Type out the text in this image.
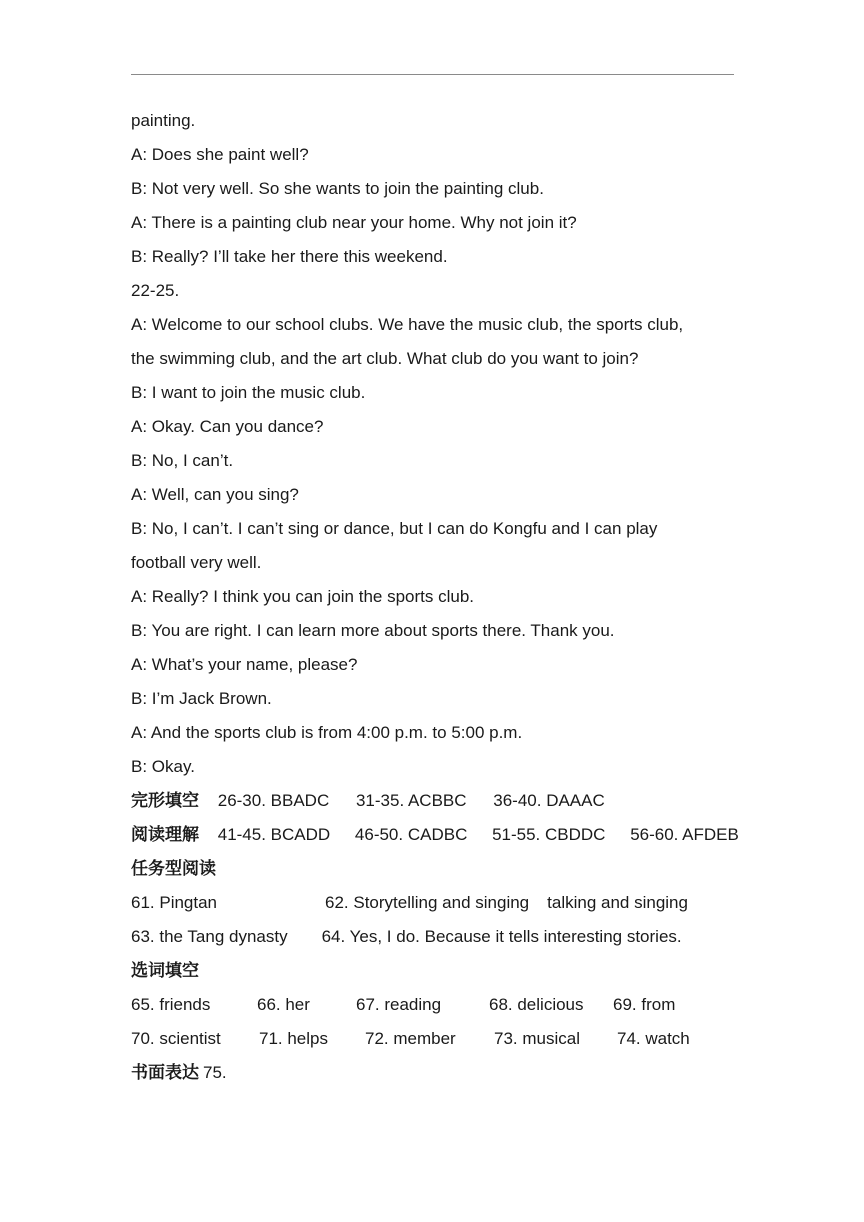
painting.
A: Does she paint well?
B: Not very well. So she wants to join the painting club.
A: There is a painting club near your home. Why not join it?
B: Really? I’ll take her there this weekend.
22-25.
A: Welcome to our school clubs. We have the music club, the sports club,
the swimming club, and the art club. What club do you want to join?
B: I want to join the music club.
A: Okay. Can you dance?
B: No, I can’t.
A: Well, can you sing?
B: No, I can’t. I can’t sing or dance, but I can do Kongfu and I can play
football very well.
A: Really? I think you can join the sports club.
B: You are right. I can learn more about sports there. Thank you.
A: What’s your name, please?
B: I’m Jack Brown.
A: And the sports club is from 4:00 p.m. to 5:00 p.m.
B: Okay.
完形填空 26-30. BBADC 31-35. ACBBC 36-40. DAAAC
阅读理解 41-45. BCADD 46-50. CADBC 51-55. CBDDC 56-60. AFDEB
任务型阅读
61. Pingtan	62. Storytelling and singing talking and singing
63. the Tang dynasty 64. Yes, I do. Because it tells interesting stories.
选词填空
65. friends	66. her	67. reading	68. delicious 69. from
70. scientist 71. helps 72. member 73. musical 74. watch
书面表达 75.
